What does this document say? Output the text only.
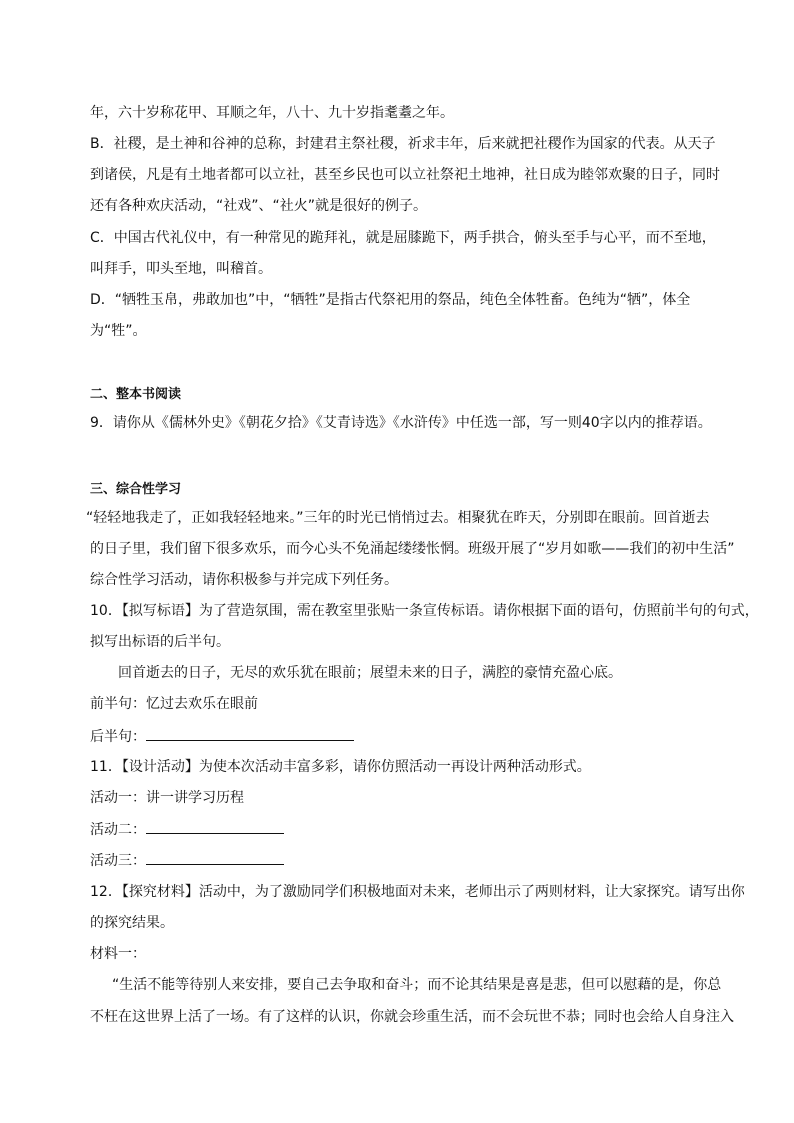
年，六十岁称花甲、耳顺之年，八十、九十岁指耄耋之年。
B．社稷，是土神和谷神的总称，封建君主祭社稷，祈求丰年，后来就把社稷作为国家的代表。从天子
到诸侯，凡是有土地者都可以立社，甚至乡民也可以立社祭祀土地神，社日成为睦邻欢聚的日子，同时
还有各种欢庆活动，“社戏”、“社火”就是很好的例子。
C．中国古代礼仪中，有一种常见的跪拜礼，就是屈膝跪下，两手拱合，俯头至手与心平，而不至地，
叫拜手，叩头至地，叫稽首。
D．“牺牲玉帛，弗敢加也”中，“牺牲”是指古代祭祀用的祭品，纯色全体牲畜。色纯为“牺”，体全
为“牲”。
二、整本书阅读
9．请你从《儒林外史》《朝花夕拾》《艾青诗选》《水浒传》中任选一部，写一则40字以内的推荐语。
三、综合性学习
“轻轻地我走了，正如我轻轻地来。”三年的时光已悄悄过去。相聚犹在昨天，分别即在眼前。回首逝去
的日子里，我们留下很多欢乐，而今心头不免涌起缕缕怅惘。班级开展了“岁月如歌——我们的初中生活”
综合性学习活动，请你积极参与并完成下列任务。
10．【拟写标语】为了营造氛围，需在教室里张贴一条宣传标语。请你根据下面的语句，仿照前半句的句式，
拟写出标语的后半句。
回首逝去的日子，无尽的欢乐犹在眼前；展望未来的日子，满腔的豪情充盈心底。
前半句：忆过去欢乐在眼前
后半句：
11．【设计活动】为使本次活动丰富多彩，请你仿照活动一再设计两种活动形式。
活动一：讲一讲学习历程
活动二：
活动三：
12．【探究材料】活动中，为了激励同学们积极地面对未来，老师出示了两则材料，让大家探究。请写出你
的探究结果。
材料一：
“生活不能等待别人来安排，要自己去争取和奋斗；而不论其结果是喜是悲，但可以慰藉的是，你总
不枉在这世界上活了一场。有了这样的认识，你就会珍重生活，而不会玩世不恭；同时也会给人自身注入
